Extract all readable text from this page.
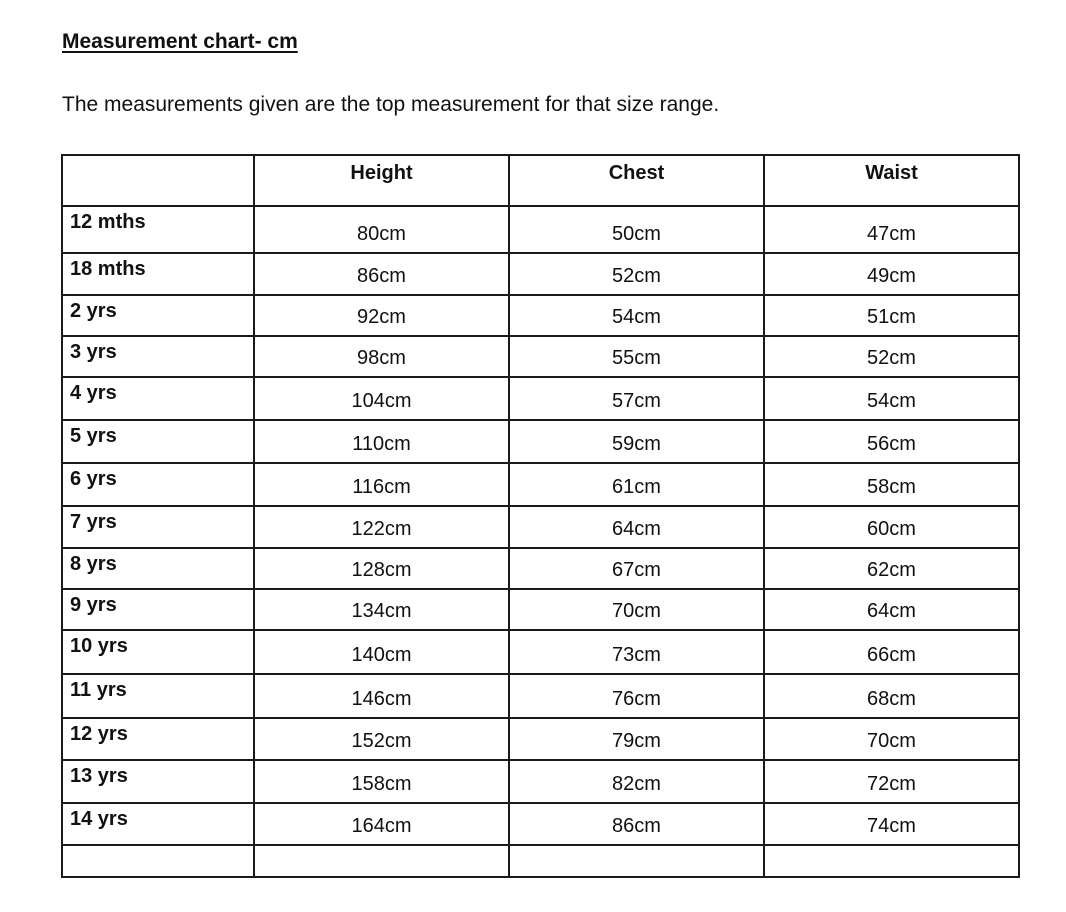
Measurement chart- cm
The measurements given are the top measurement for that size range.
	Height	Chest	Waist
12 mths	80cm	50cm	47cm
18 mths	86cm	52cm	49cm
2 yrs	92cm	54cm	51cm
3 yrs	98cm	55cm	52cm
4 yrs	104cm	57cm	54cm
5 yrs	110cm	59cm	56cm
6 yrs	116cm	61cm	58cm
7 yrs	122cm	64cm	60cm
8 yrs	128cm	67cm	62cm
9 yrs	134cm	70cm	64cm
10 yrs	140cm	73cm	66cm
11 yrs	146cm	76cm	68cm
12 yrs	152cm	79cm	70cm
13 yrs	158cm	82cm	72cm
14 yrs	164cm	86cm	74cm
